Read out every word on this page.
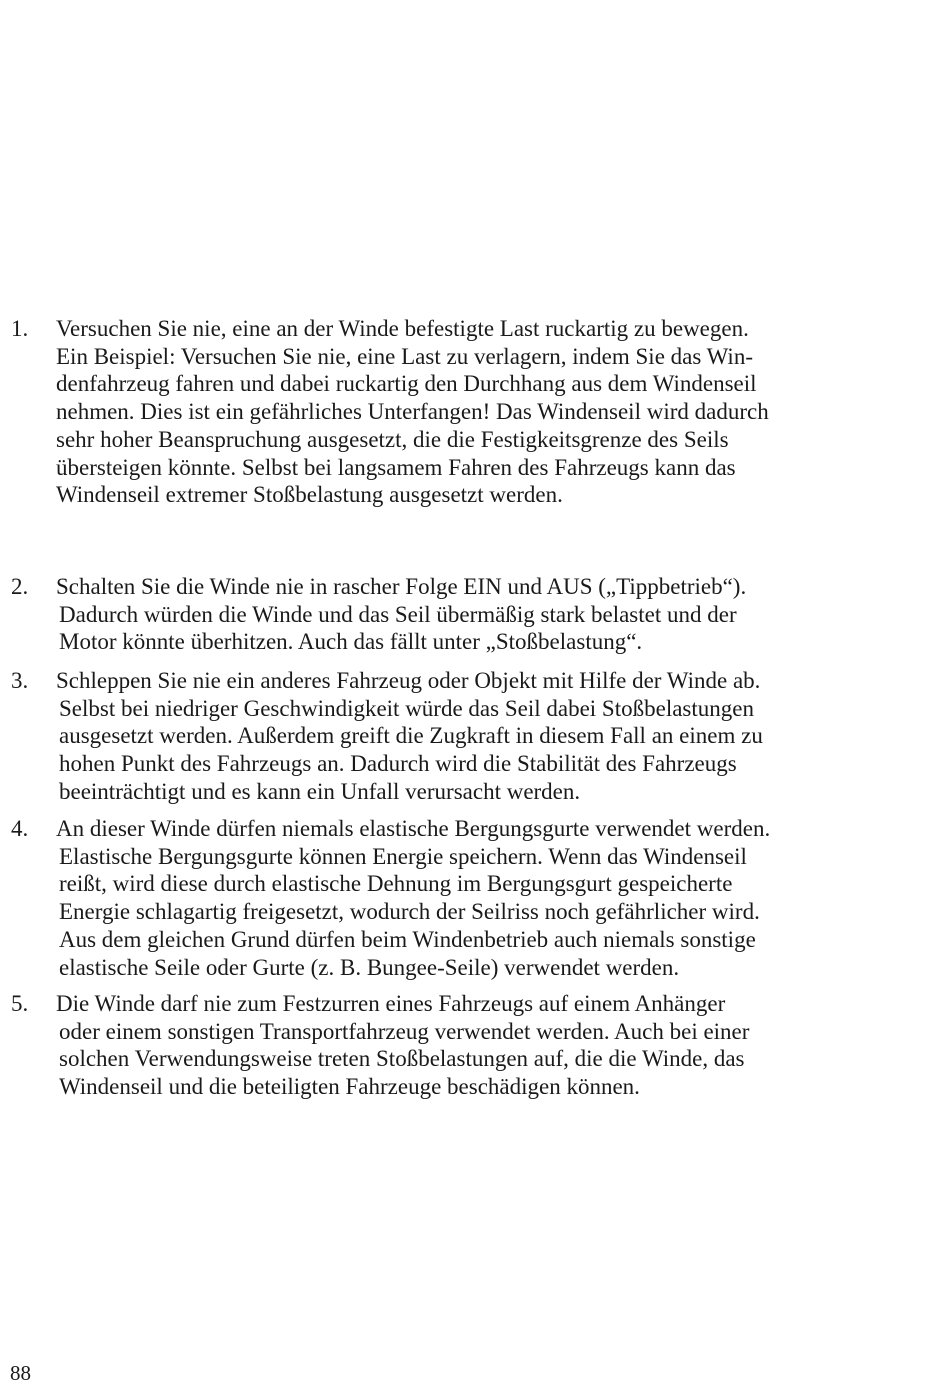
1.	Versuchen Sie nie, eine an der Winde befestigte Last ruckartig zu bewegen.
Ein Beispiel: Versuchen Sie nie, eine Last zu verlagern, indem Sie das Win-
denfahrzeug fahren und dabei ruckartig den Durchhang aus dem Windenseil
nehmen. Dies ist ein gefährliches Unterfangen! Das Windenseil wird dadurch
sehr hoher Beanspruchung ausgesetzt, die die Festigkeitsgrenze des Seils
übersteigen könnte. Selbst bei langsamem Fahren des Fahrzeugs kann das
Windenseil extremer Stoßbelastung ausgesetzt werden.
2.	Schalten Sie die Winde nie in rascher Folge EIN und AUS („Tippbetrieb“).
Dadurch würden die Winde und das Seil übermäßig stark belastet und der
Motor könnte überhitzen. Auch das fällt unter „Stoßbelastung“.
3.	Schleppen Sie nie ein anderes Fahrzeug oder Objekt mit Hilfe der Winde ab.
Selbst bei niedriger Geschwindigkeit würde das Seil dabei Stoßbelastungen
ausgesetzt werden. Außerdem greift die Zugkraft in diesem Fall an einem zu
hohen Punkt des Fahrzeugs an. Dadurch wird die Stabilität des Fahrzeugs
beeinträchtigt und es kann ein Unfall verursacht werden.
4.	An dieser Winde dürfen niemals elastische Bergungsgurte verwendet werden.
Elastische Bergungsgurte können Energie speichern. Wenn das Windenseil
reißt, wird diese durch elastische Dehnung im Bergungsgurt gespeicherte
Energie schlagartig freigesetzt, wodurch der Seilriss noch gefährlicher wird.
Aus dem gleichen Grund dürfen beim Windenbetrieb auch niemals sonstige
elastische Seile oder Gurte (z. B. Bungee-Seile) verwendet werden.
5.	Die Winde darf nie zum Festzurren eines Fahrzeugs auf einem Anhänger
oder einem sonstigen Transportfahrzeug verwendet werden. Auch bei einer
solchen Verwendungsweise treten Stoßbelastungen auf, die die Winde, das
Windenseil und die beteiligten Fahrzeuge beschädigen können.
88
